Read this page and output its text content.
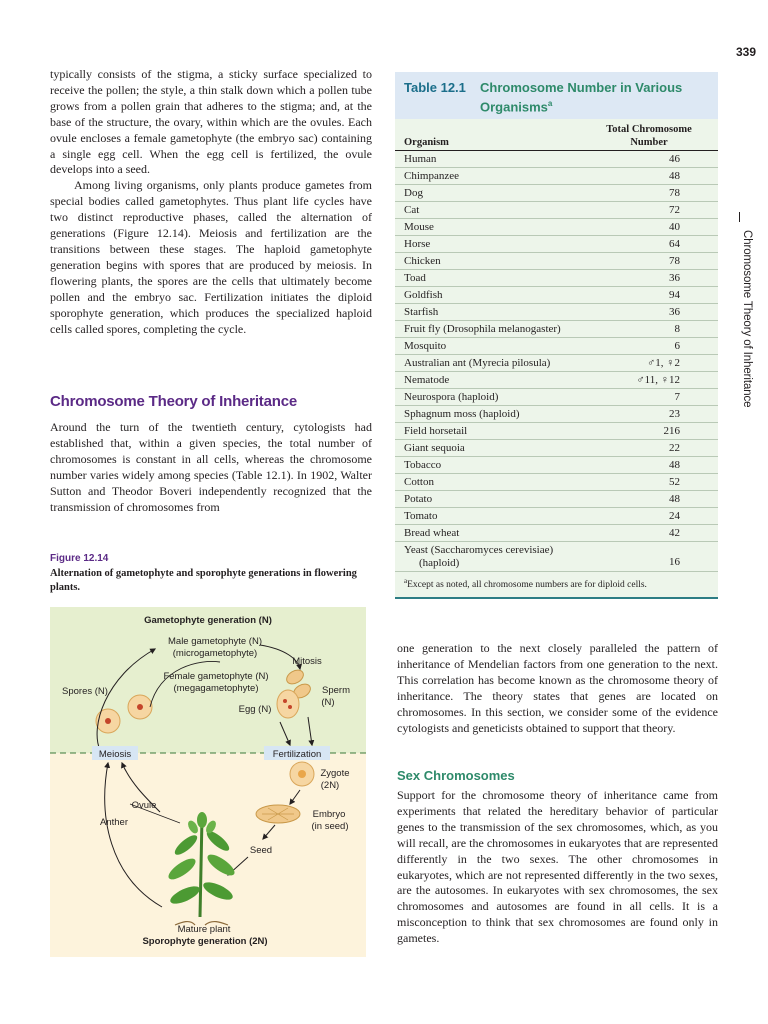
339
Chromosome Theory of Inheritance

typically consists of the stigma, a sticky surface specialized to receive the pollen; the style, a thin stalk down which a pollen tube grows from a pollen grain that adheres to the stigma; and, at the base of the structure, the ovary, within which are the ovules. Each ovule encloses a female gametophyte (the embryo sac) containing a single egg cell. When the egg cell is fertilized, the ovule develops into a seed.

Among living organisms, only plants produce gametes from special bodies called gametophytes. Thus plant life cycles have two distinct reproductive phases, called the alternation of generations (Figure 12.14). Meiosis and fertilization are the transitions between these stages. The haploid gametophyte generation begins with spores that are produced by meiosis. In flowering plants, the spores are the cells that ultimately become pollen and the embryo sac. Fertilization initiates the diploid sporophyte generation, which produces the specialized haploid cells called spores, completing the cycle.

Chromosome Theory of Inheritance

Around the turn of the twentieth century, cytologists had established that, within a given species, the total number of chromosomes is constant in all cells, whereas the chromosome number varies widely among species (Table 12.1). In 1902, Walter Sutton and Theodor Boveri independently recognized that the transmission of chromosomes from

Figure 12.14
Alternation of gametophyte and sporophyte generations in flowering plants.
Gametophyte generation (N)
Male gametophyte (N)
(microgametophyte)
Mitosis
Female gametophyte (N)
(megagametophyte)
Spores (N)	Sperm
(N)
Egg (N)
Meiosis	Fertilization
Zygote
(2N)
Embryo
(in seed)
Seed
Ovule
Anther
Mature plant
Sporophyte generation (2N)
Table 12.1 Chromosome Number in Various Organisms$^a$
Organism
Total Chromosome
Number
Human	46
Chimpanzee	48
Dog	78
Cat	72
Mouse	40
Horse	64
Chicken	78
Toad	36
Goldfish	94
Starfish	36
Fruit fly (Drosophila melanogaster)	8
Mosquito	6
Australian ant (Myrecia pilosula)	♂1, ♀2
Nematode	♂11, ♀12
Neurospora (haploid)	7
Sphagnum moss (haploid)	23
Field horsetail	216
Giant sequoia	22
Tobacco	48
Cotton	52
Potato	48
Tomato	24
Bread wheat	42
Yeast (Saccharomyces cerevisiae)
(haploid)	16
$^a$Except as noted, all chromosome numbers are for diploid cells.

one generation to the next closely paralleled the pattern of inheritance of Mendelian factors from one generation to the next. This correlation has become known as the chromosome theory of inheritance. The theory states that genes are located on chromosomes. In this section, we consider some of the evidence cytologists and geneticists obtained to support that theory.

Sex Chromosomes

Support for the chromosome theory of inheritance came from experiments that related the hereditary behavior of particular genes to the transmission of the sex chromosomes, which, as you will recall, are the chromosomes in eukaryotes that are represented differently in the two sexes. The other chromosomes in eukaryotes, which are not represented differently in the two sexes, are the autosomes. In eukaryotes with sex chromosomes, the sex chromosomes and autosomes are found in all cells. It is a misconception to think that sex chromosomes are found only in gametes.
